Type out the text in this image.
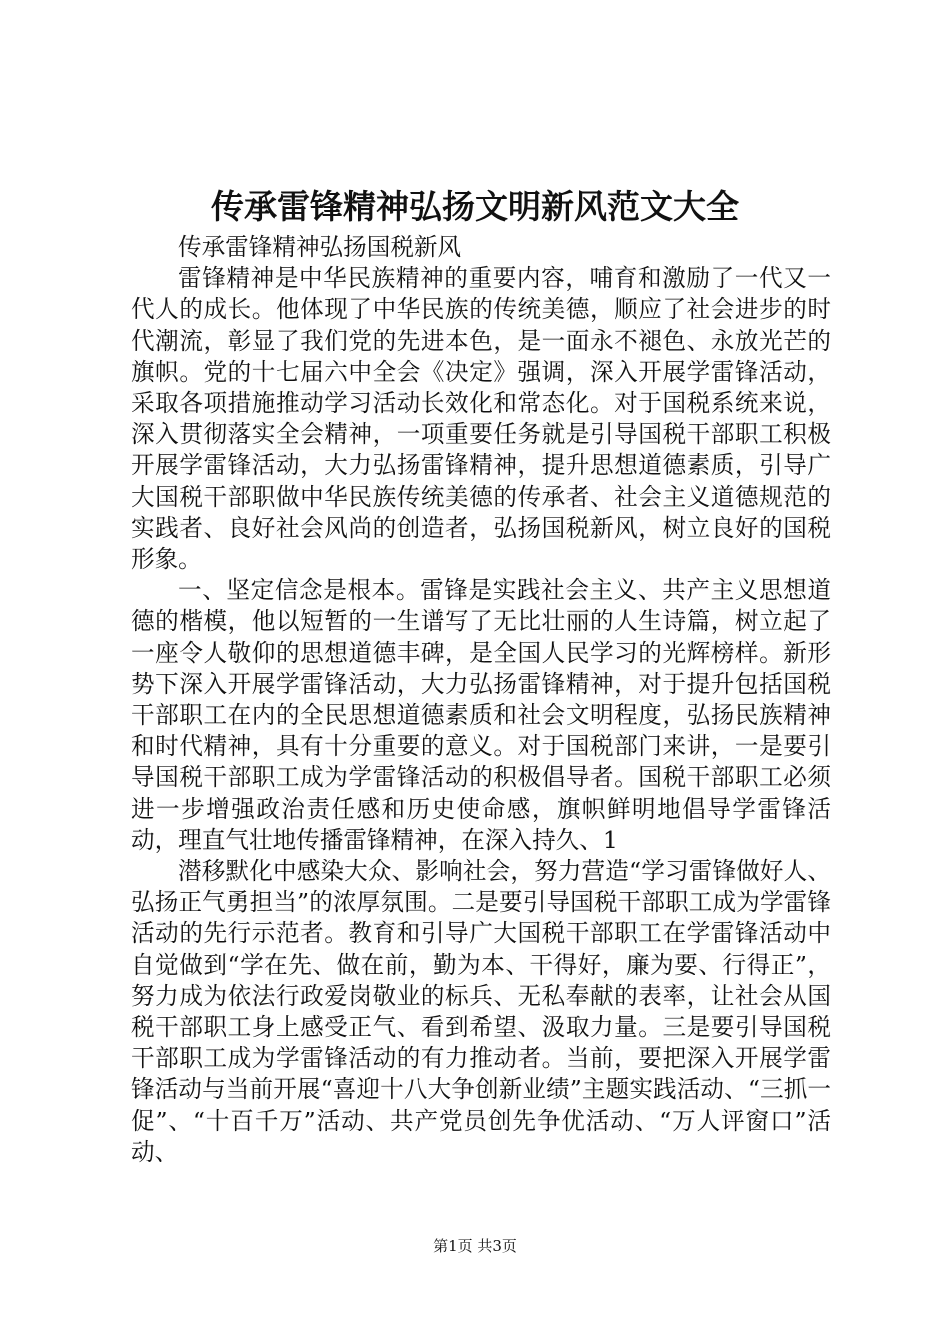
传承雷锋精神弘扬文明新风范文大全

传承雷锋精神弘扬国税新风

雷锋精神是中华民族精神的重要内容，哺育和激励了一代又一代人的成长。他体现了中华民族的传统美德，顺应了社会进步的时代潮流，彰显了我们党的先进本色，是一面永不褪色、永放光芒的旗帜。党的十七届六中全会《决定》强调，深入开展学雷锋活动，采取各项措施推动学习活动长效化和常态化。对于国税系统来说，深入贯彻落实全会精神，一项重要任务就是引导国税干部职工积极开展学雷锋活动，大力弘扬雷锋精神，提升思想道德素质，引导广大国税干部职做中华民族传统美德的传承者、社会主义道德规范的实践者、良好社会风尚的创造者，弘扬国税新风，树立良好的国税形象。

一、坚定信念是根本。雷锋是实践社会主义、共产主义思想道德的楷模，他以短暂的一生谱写了无比壮丽的人生诗篇，树立起了一座令人敬仰的思想道德丰碑，是全国人民学习的光辉榜样。新形势下深入开展学雷锋活动，大力弘扬雷锋精神，对于提升包括国税干部职工在内的全民思想道德素质和社会文明程度，弘扬民族精神和时代精神，具有十分重要的意义。对于国税部门来讲，一是要引导国税干部职工成为学雷锋活动的积极倡导者。国税干部职工必须进一步增强政治责任感和历史使命感，旗帜鲜明地倡导学雷锋活动，理直气壮地传播雷锋精神，在深入持久、1

潜移默化中感染大众、影响社会，努力营造“学习雷锋做好人、弘扬正气勇担当”的浓厚氛围。二是要引导国税干部职工成为学雷锋活动的先行示范者。教育和引导广大国税干部职工在学雷锋活动中自觉做到“学在先、做在前，勤为本、干得好，廉为要、行得正”，努力成为依法行政爱岗敬业的标兵、无私奉献的表率，让社会从国税干部职工身上感受正气、看到希望、汲取力量。三是要引导国税干部职工成为学雷锋活动的有力推动者。当前，要把深入开展学雷锋活动与当前开展“喜迎十八大争创新业绩”主题实践活动、“三抓一促”、“十百千万”活动、共产党员创先争优活动、“万人评窗口”活动、

第1页 共3页
